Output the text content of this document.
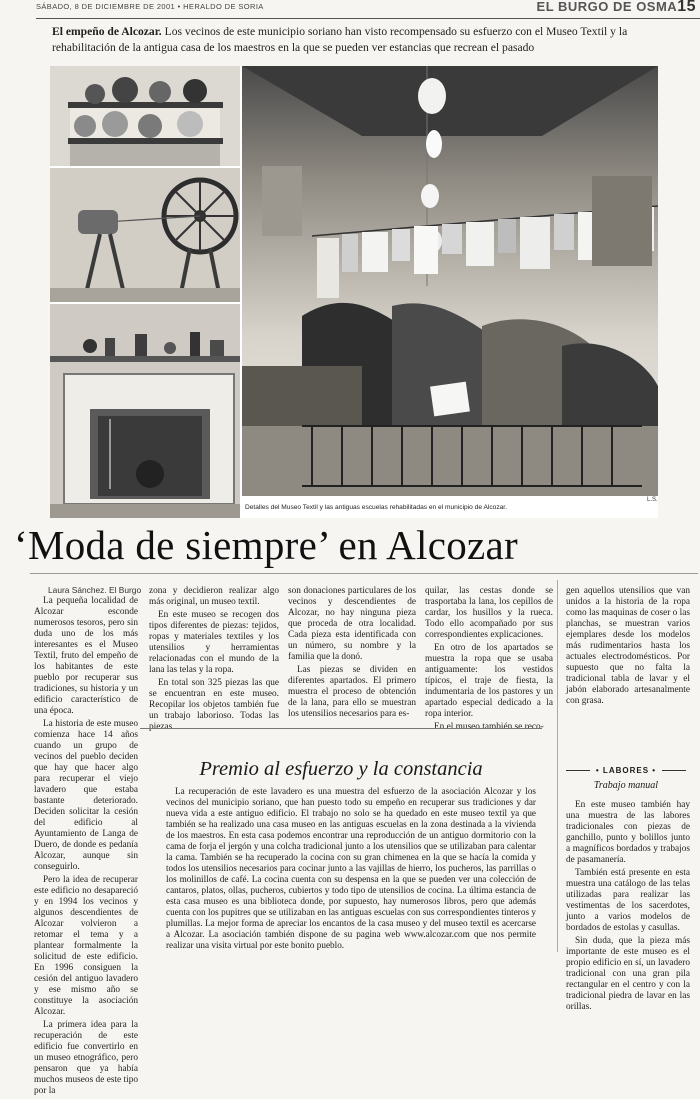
SÁBADO, 8 DE DICIEMBRE DE 2001 • HERALDO DE SORIA	EL BURGO DE OSMA15
El empeño de Alcozar. Los vecinos de este municipio soriano han visto recompensado su esfuerzo con el Museo Textil y la rehabilitación de la antigua casa de los maestros en la que se pueden ver estancias que recrean el pasado
Detalles del Museo Textil y las antiguas escuelas rehabilitadas en el municipio de Alcozar.
L.S.
‘Moda de siempre’ en Alcozar
Laura Sánchez. El Burgo

La pequeña localidad de Alcozar esconde numerosos tesoros, pero sin duda uno de los más interesantes es el Museo Textil, fruto del empeño de los habitantes de este pueblo por recuperar sus tradiciones, su historia y un edificio característico de una época.

La historia de este museo comienza hace 14 años cuando un grupo de vecinos del pueblo deciden que hay que hacer algo para recuperar el viejo lavadero que estaba bastante deteriorado. Deciden solicitar la cesión del edificio al Ayuntamiento de Langa de Duero, de donde es pedanía Alcozar, aunque sin conseguirlo.

Pero la idea de recuperar este edificio no desapareció y en 1994 los vecinos y algunos descendientes de Alcozar volvieron a retomar el tema y a plantear formalmente la solicitud de este edificio. En 1996 consiguen la cesión del antiguo lavadero y ese mismo año se constituye la asociación Alcozar.

La primera idea para la recuperación de este edificio fue convertirlo en un museo etnográfico, pero pensaron que ya había muchos museos de este tipo por la

zona y decidieron realizar algo más original, un museo textil.

En este museo se recogen dos tipos diferentes de piezas: tejidos, ropas y materiales textiles y los utensilios y herramientas relacionadas con el mundo de la lana las telas y la ropa.

En total son 325 piezas las que se encuentran en este museo. Recopilar los objetos también fue un trabajo laborioso. Todas las piezas

son donaciones particulares de los vecinos y descendientes de Alcozar, no hay ninguna pieza que proceda de otra localidad. Cada pieza esta identificada con un número, su nombre y la familia que la donó.

Las piezas se dividen en diferentes apartados. El primero muestra el proceso de obtención de la lana, para ello se muestran los utensilios necesarios para es-

quilar, las cestas donde se trasportaba la lana, los cepillos de cardar, los husillos y la rueca. Todo ello acompañado por sus correspondientes explicaciones.

En otro de los apartados se muestra la ropa que se usaba antiguamente: los vestidos típicos, el traje de fiesta, la indumentaria de los pastores y un apartado especial dedicado a la ropa interior.

En el museo también se reco-

gen aquellos utensilios que van unidos a la historia de la ropa como las maquinas de coser o las planchas, se muestran varios ejemplares desde los modelos más rudimentarios hasta los actuales electrodomésticos. Por supuesto que no falta la tradicional tabla de lavar y el jabón elaborado artesanalmente con grasa.

• LABORES •
Trabajo manual

En este museo también hay una muestra de las labores tradicionales con piezas de ganchillo, punto y bolillos junto a magníficos bordados y trabajos de pasamanería.

También está presente en esta muestra una catálogo de las telas utilizadas para realizar las vestimentas de los sacerdotes, junto a varios modelos de bordados de estolas y casullas.

Sin duda, que la pieza más importante de este museo es el propio edificio en sí, un lavadero tradicional con una gran pila rectangular en el centro y con la tradicional piedra de lavar en las orillas.

Premio al esfuerzo y la constancia
La recuperación de este lavadero es una muestra del esfuerzo de la asociación Alcozar y los vecinos del municipio soriano, que han puesto todo su empeño en recuperar sus tradiciones y dar nueva vida a este antiguo edificio. El trabajo no solo se ha quedado en este museo textil ya que también se ha realizado una casa museo en las antiguas escuelas en la zona destinada a la vivienda de los maestros. En esta casa podemos encontrar una reproducción de un antiguo dormitorio con la cama de forja el jergón y una colcha tradicional junto a los utensilios que se utilizaban para calentar la cama. También se ha recuperado la cocina con su gran chimenea en la que se hacía la comida y todos los utensilios necesarios para cocinar junto a las vajillas de hierro, los pucheros, las parrillas o los molinillos de café. La cocina cuenta con su despensa en la que se pueden ver una colección de cantaros, platos, ollas, pucheros, cubiertos y todo tipo de utensilios de cocina. La última estancia de esta casa museo es una biblioteca donde, por supuesto, hay numerosos libros, pero que además cuenta con los pupitres que se utilizaban en las antiguas escuelas con sus correspondientes tinteros y plumillas. La mejor forma de apreciar los encantos de la casa museo y del museo textil es acercarse a Alcozar. La asociación también dispone de su pagina web www.alcozar.com que nos permite realizar una visita virtual por este bonito pueblo.
